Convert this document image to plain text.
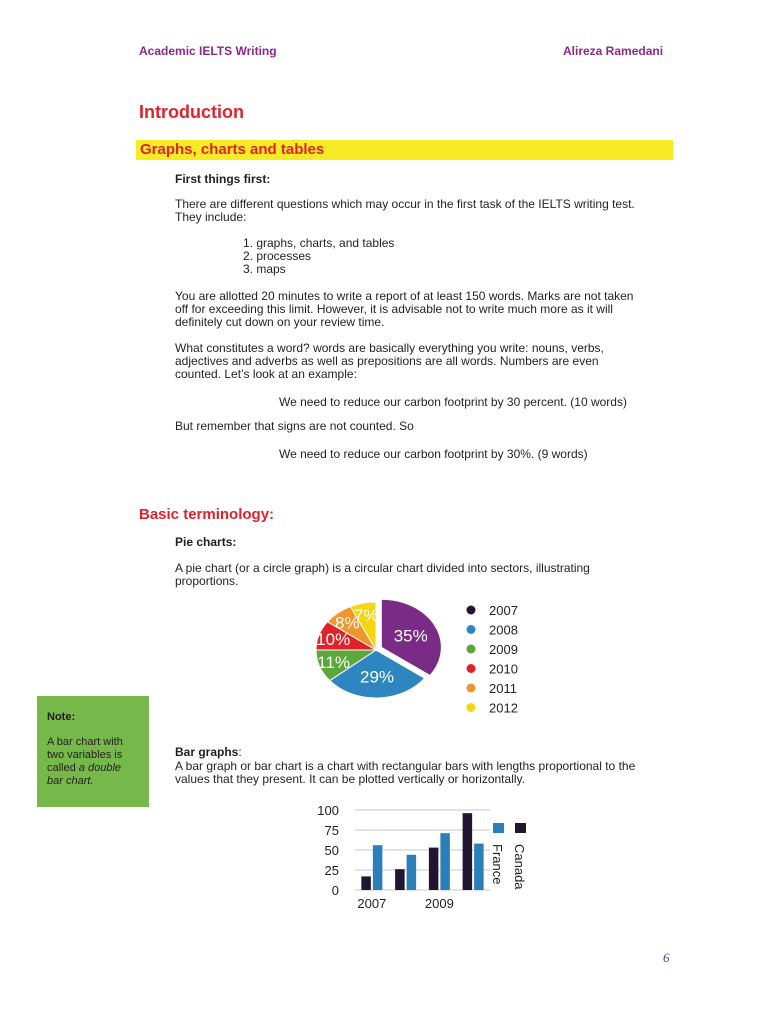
Academic IELTS Writing	Alireza Ramedani
Introduction
Graphs, charts and tables
First things first:
There are different questions which may occur in the first task of the IELTS writing test.
They include:
1. graphs, charts, and tables
2. processes
3. maps
You are allotted 20 minutes to write a report of at least 150 words. Marks are not taken
off for exceeding this limit. However, it is advisable not to write much more as it will
definitely cut down on your review time.
What constitutes a word? words are basically everything you write: nouns, verbs,
adjectives and adverbs as well as prepositions are all words. Numbers are even
counted. Let’s look at an example:
We need to reduce our carbon footprint by 30 percent. (10 words)
But remember that signs are not counted. So
We need to reduce our carbon footprint by 30%. (9 words)
Basic terminology:
Pie charts:
A pie chart (or a circle graph) is a circular chart divided into sectors, illustrating
proportions.
35%
29%
11%
10%
8%
7%	2007
2008
2009
2010
2011
2012
Note:
A bar chart with
two variables is
called a double
bar chart.
Bar graphs:
A bar graph or bar chart is a chart with rectangular bars with lengths proportional to the
values that they present. It can be plotted vertically or horizontally.
100
75
50
25
0
2007	2009
Canada
France
6
